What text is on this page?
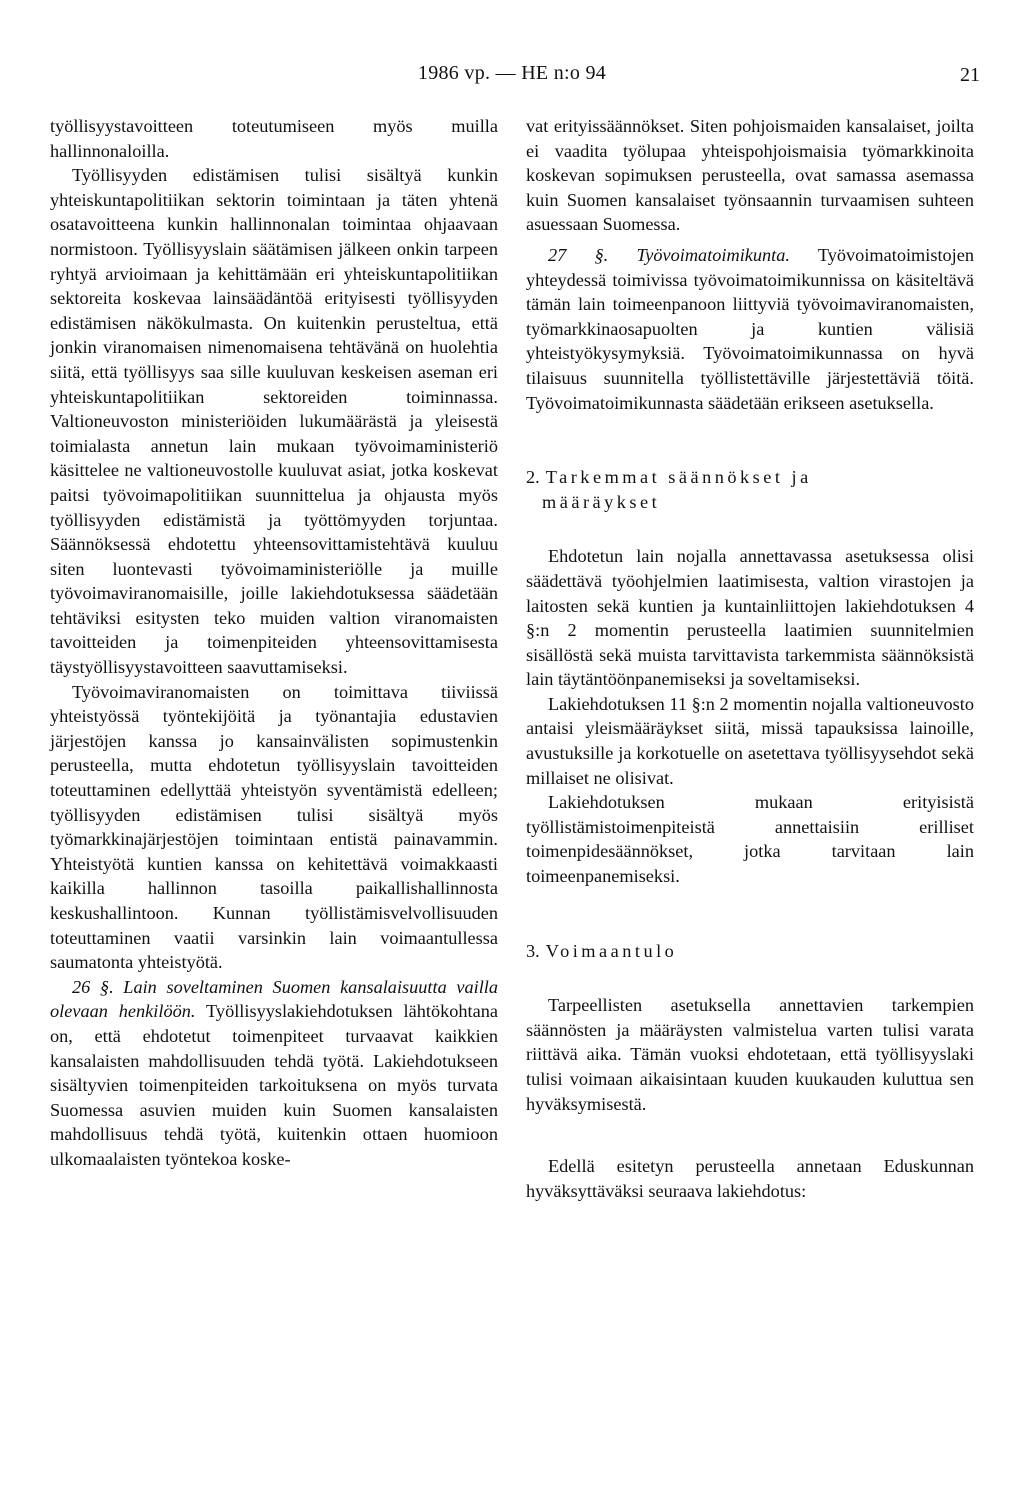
1986 vp. — HE n:o 94	21

työllisyystavoitteen toteutumiseen myös muilla hallinnonaloilla.

Työllisyyden edistämisen tulisi sisältyä kunkin yhteiskuntapolitiikan sektorin toimintaan ja täten yhtenä osatavoitteena kunkin hallinnonalan toimintaa ohjaavaan normistoon. Työllisyyslain säätämisen jälkeen onkin tarpeen ryhtyä arvioimaan ja kehittämään eri yhteiskuntapolitiikan sektoreita koskevaa lainsäädäntöä erityisesti työllisyyden edistämisen näkökulmasta. On kuitenkin perusteltua, että jonkin viranomaisen nimenomaisena tehtävänä on huolehtia siitä, että työllisyys saa sille kuuluvan keskeisen aseman eri yhteiskuntapolitiikan sektoreiden toiminnassa. Valtioneuvoston ministeriöiden lukumäärästä ja yleisestä toimialasta annetun lain mukaan työvoimaministeriö käsittelee ne valtioneuvostolle kuuluvat asiat, jotka koskevat paitsi työvoimapolitiikan suunnittelua ja ohjausta myös työllisyyden edistämistä ja työttömyyden torjuntaa. Säännöksessä ehdotettu yhteensovittamistehtävä kuuluu siten luontevasti työvoimaministeriölle ja muille työvoimaviranomaisille, joille lakiehdotuksessa säädetään tehtäviksi esitysten teko muiden valtion viranomaisten tavoitteiden ja toimenpiteiden yhteensovittamisesta täystyöllisyystavoitteen saavuttamiseksi.

Työvoimaviranomaisten on toimittava tiiviissä yhteistyössä työntekijöitä ja työnantajia edustavien järjestöjen kanssa jo kansainvälisten sopimustenkin perusteella, mutta ehdotetun työllisyyslain tavoitteiden toteuttaminen edellyttää yhteistyön syventämistä edelleen; työllisyyden edistämisen tulisi sisältyä myös työmarkkinajärjestöjen toimintaan entistä painavammin. Yhteistyötä kuntien kanssa on kehitettävä voimakkaasti kaikilla hallinnon tasoilla paikallishallinnosta keskushallintoon. Kunnan työllistämisvelvollisuuden toteuttaminen vaatii varsinkin lain voimaantullessa saumatonta yhteistyötä.

26 §. Lain soveltaminen Suomen kansalaisuutta vailla olevaan henkilöön. Työllisyyslakiehdotuksen lähtökohtana on, että ehdotetut toimenpiteet turvaavat kaikkien kansalaisten mahdollisuuden tehdä työtä. Lakiehdotukseen sisältyvien toimenpiteiden tarkoituksena on myös turvata Suomessa asuvien muiden kuin Suomen kansalaisten mahdollisuus tehdä työtä, kuitenkin ottaen huomioon ulkomaalaisten työntekoa koske-

vat erityissäännökset. Siten pohjoismaiden kansalaiset, joilta ei vaadita työlupaa yhteispohjoismaisia työmarkkinoita koskevan sopimuksen perusteella, ovat samassa asemassa kuin Suomen kansalaiset työnsaannin turvaamisen suhteen asuessaan Suomessa.

27 §. Työvoimatoimikunta. Työvoimatoimistojen yhteydessä toimivissa työvoimatoimikunnissa on käsiteltävä tämän lain toimeenpanoon liittyviä työvoimaviranomaisten, työmarkkinaosapuolten ja kuntien välisiä yhteistyökysymyksiä. Työvoimatoimikunnassa on hyvä tilaisuus suunnitella työllistettäville järjestettäviä töitä. Työvoimatoimikunnasta säädetään erikseen asetuksella.

2. Tarkemmat säännökset ja
määräykset

Ehdotetun lain nojalla annettavassa asetuksessa olisi säädettävä työohjelmien laatimisesta, valtion virastojen ja laitosten sekä kuntien ja kuntainliittojen lakiehdotuksen 4 §:n 2 momentin perusteella laatimien suunnitelmien sisällöstä sekä muista tarvittavista tarkemmista säännöksistä lain täytäntöönpanemiseksi ja soveltamiseksi.

Lakiehdotuksen 11 §:n 2 momentin nojalla valtioneuvosto antaisi yleismääräykset siitä, missä tapauksissa lainoille, avustuksille ja korkotuelle on asetettava työllisyysehdot sekä millaiset ne olisivat.

Lakiehdotuksen mukaan erityisistä työllistämistoimenpiteistä annettaisiin erilliset toimenpidesäännökset, jotka tarvitaan lain toimeenpanemiseksi.

3. Voimaantulo

Tarpeellisten asetuksella annettavien tarkempien säännösten ja määräysten valmistelua varten tulisi varata riittävä aika. Tämän vuoksi ehdotetaan, että työllisyyslaki tulisi voimaan aikaisintaan kuuden kuukauden kuluttua sen hyväksymisestä.

Edellä esitetyn perusteella annetaan Eduskunnan hyväksyttäväksi seuraava lakiehdotus:
